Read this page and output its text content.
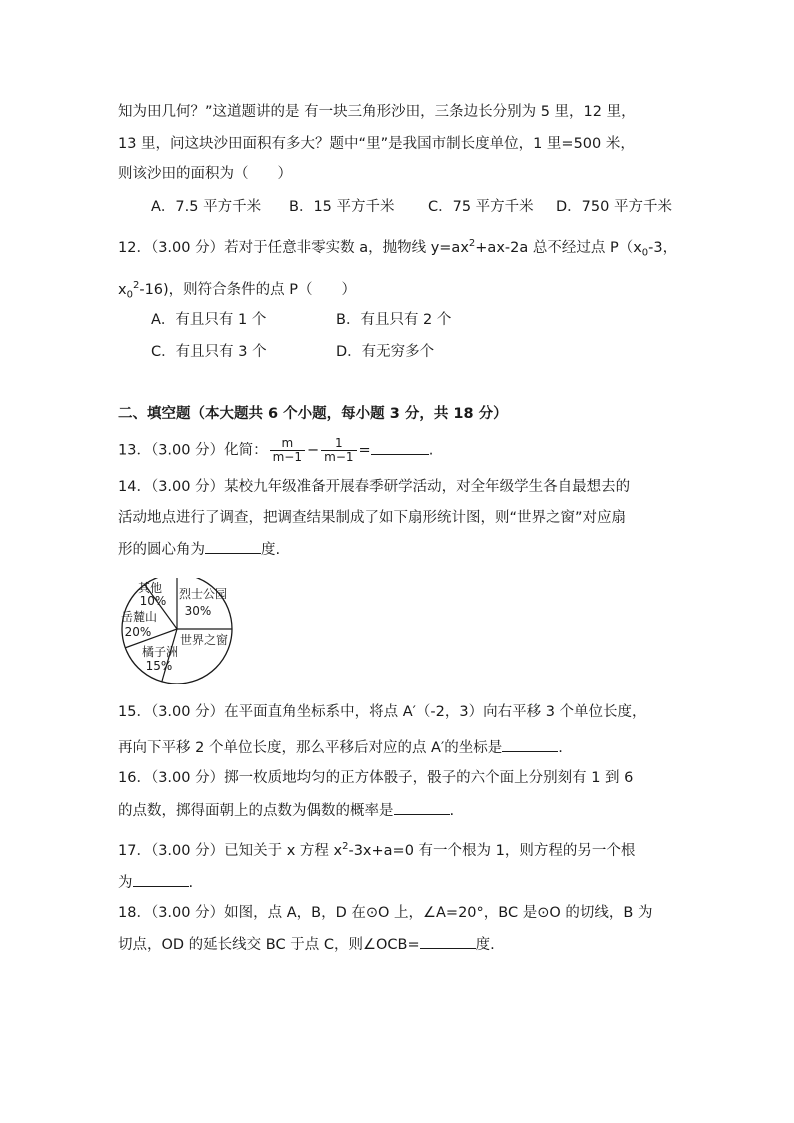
知为田几何？”这道题讲的是 有一块三角形沙田，三条边长分别为 5 里，12 里，
13 里，问这块沙田面积有多大？题中“里”是我国市制长度单位，1 里=500 米，
则该沙田的面积为（　　）
A．7.5 平方千米 B．15 平方千米 C．75 平方千米 D．750 平方千米
12．（3.00 分）若对于任意非零实数 a，抛物线 $y=ax^2+ax-2a$ 总不经过点 $P(x_0-3$，
$x_0^2-16$)，则符合条件的点 P（　　）
A．有且只有 1 个	B．有且只有 2 个
C．有且只有 3 个	D．有无穷多个
二、填空题（本大题共 6 个小题，每小题 3 分，共 18 分）
13．（3.00 分）化简： $\frac{m}{m-1} - \frac{1}{m-1}$ =	.
14．（3.00 分）某校九年级准备开展春季研学活动，对全年级学生各自最想去的
活动地点进行了调查，把调查结果制成了如下扇形统计图，则“世界之窗”对应扇
形的圆心角为	度.
烈士公园
30%
世界之窗
橘子洲
15%
岳麓山
20%
其他
10%
15．（3.00 分）在平面直角坐标系中，将点 A′（-2，3）向右平移 3 个单位长度，
再向下平移 2 个单位长度，那么平移后对应的点 A′的坐标是	.
16．（3.00 分）掷一枚质地均匀的正方体骰子，骰子的六个面上分别刻有 1 到 6
的点数，掷得面朝上的点数为偶数的概率是	.
17．（3.00 分）已知关于 x 方程 $x^2-3x+a=0$ 有一个根为 1，则方程的另一个根
为	.
18．（3.00 分）如图，点 A，B，D 在⊙O 上，∠A=20°，BC 是⊙O 的切线，B 为
切点，OD 的延长线交 BC 于点 C，则∠OCB=	度.
